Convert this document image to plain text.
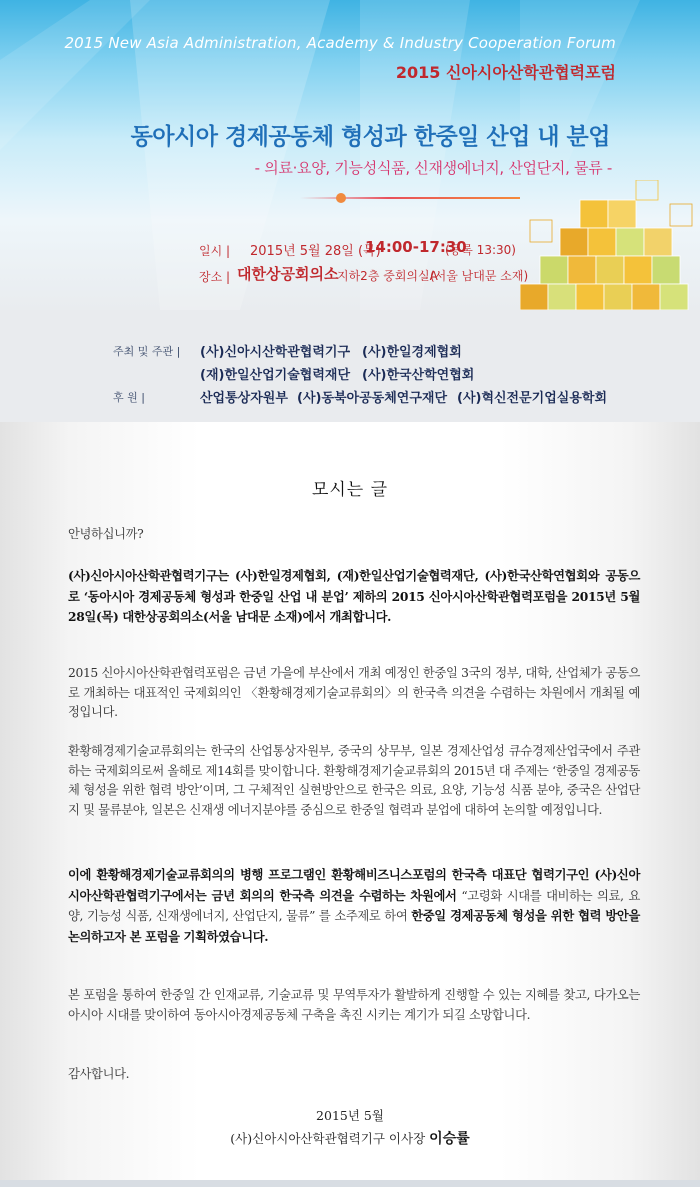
2015 New Asia Administration, Academy & Industry Cooperation Forum
2015 신아시아산학관협력포럼
동아시아 경제공동체 형성과 한중일 산업 내 분업
- 의료·요양, 기능성식품, 신재생에너지, 산업단지, 물류 -
일시 | 2015년 5월 28일 (목)
14:00-17:30
(등록 13:30)
장소 | 대한상공회의소
지하2층 중회의실A
(서울 남대문 소재)
주최 및 주관 | (사)신아시산학관협력기구 (사)한일경제협회
(재)한일산업기술협력재단 (사)한국산학연협회
후 원 |	산업통상자원부 (사)동북아공동체연구재단 (사)혁신전문기업실용학회
모시는 글

안녕하십니까?

(사)신아시아산학관협력기구는 (사)한일경제협회, (재)한일산업기술협력재단, (사)한국산학연협회와 공동으로 ‘동아시아 경제공동체 형성과 한중일 산업 내 분업’ 제하의 2015 신아시아산학관협력포럼을 2015년 5월 28일(목) 대한상공회의소(서울 남대문 소재)에서 개최합니다.

2015 신아시아산학관협력포럼은 금년 가을에 부산에서 개최 예정인 한중일 3국의 정부, 대학, 산업체가 공동으로 개최하는 대표적인 국제회의인 〈환황해경제기술교류회의〉의 한국측 의견을 수렴하는 차원에서 개최될 예정입니다.

환황해경제기술교류회의는 한국의 산업통상자원부, 중국의 상무부, 일본 경제산업성 큐슈경제산업국에서 주관하는 국제회의로써 올해로 제14회를 맞이합니다. 환황해경제기술교류회의 2015년 대 주제는 ‘한중일 경제공동체 형성을 위한 협력 방안’이며, 그 구체적인 실현방안으로 한국은 의료, 요양, 기능성 식품 분야, 중국은 산업단지 및 물류분야, 일본은 신재생 에너지분야를 중심으로 한중일 협력과 분업에 대하여 논의할 예정입니다.

이에 환황해경제기술교류회의의 병행 프로그램인 환황해비즈니스포럼의 한국측 대표단 협력기구인 (사)신아시아산학관협력기구에서는 금년 회의의 한국측 의견을 수렴하는 차원에서 “고령화 시대를 대비하는 의료, 요양, 기능성 식품, 신재생에너지, 산업단지, 물류” 를 소주제로 하여 한중일 경제공동체 형성을 위한 협력 방안을 논의하고자 본 포럼을 기획하였습니다.

본 포럼을 통하여 한중일 간 인재교류, 기술교류 및 무역투자가 활발하게 진행할 수 있는 지혜를 찾고, 다가오는 아시아 시대를 맞이하여 동아시아경제공동체 구축을 촉진 시키는 계기가 되길 소망합니다.

감사합니다.

2015년 5월
(사)신아시아산학관협력기구 이사장 이승률
